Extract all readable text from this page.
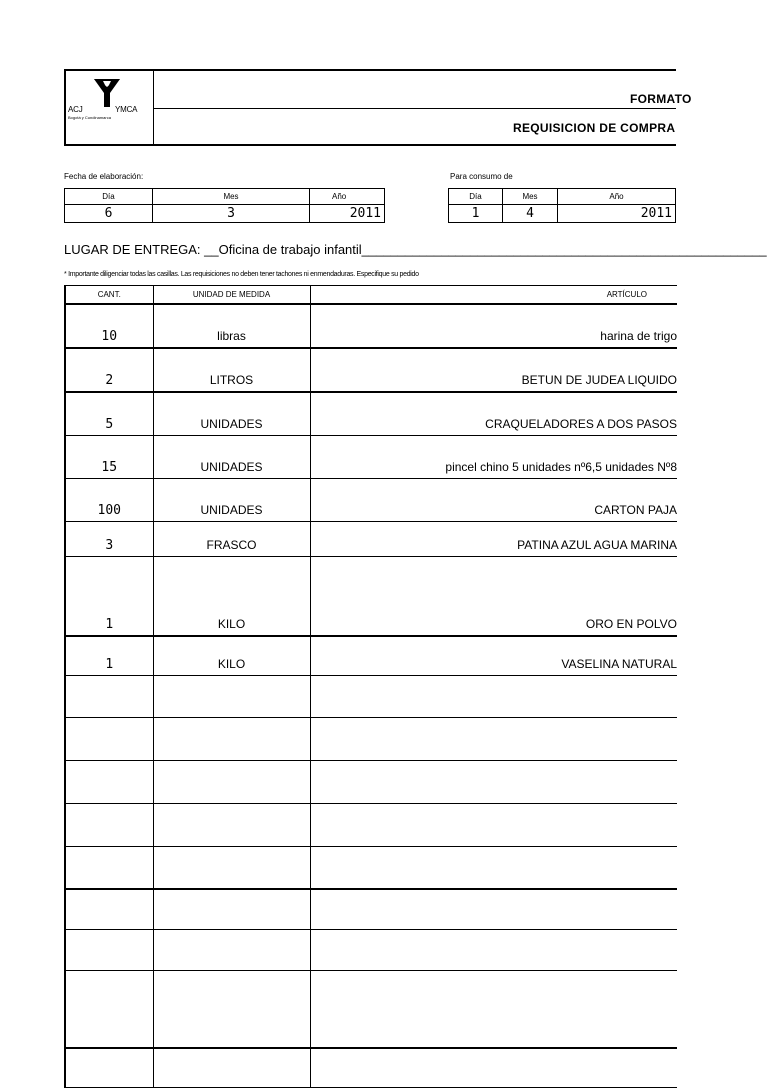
ACJ	YMCA
Bogotá y Cundinamarca
FORMATO
REQUISICION DE COMPRA
Fecha de elaboración:
Día	Mes	Año
6	3	2011
Para consumo de
Día	Mes	Año
1	4	2011
LUGAR DE ENTREGA: __Oficina de trabajo infantil________________________________________________________
* Importante diligenciar todas las casillas. Las requisiciones no deben tener tachones ni enmendaduras. Especifique su pedido
CANT.	UNIDAD DE MEDIDA	ARTÍCULO
10	libras	harina de trigo
2	LITROS	BETUN DE JUDEA LIQUIDO
5	UNIDADES	CRAQUELADORES A DOS PASOS
15	UNIDADES	pincel chino 5 unidades nº6,5 unidades Nº8
100	UNIDADES	CARTON PAJA
3	FRASCO	PATINA AZUL AGUA MARINA
1	KILO	ORO EN POLVO
1	KILO	VASELINA NATURAL
